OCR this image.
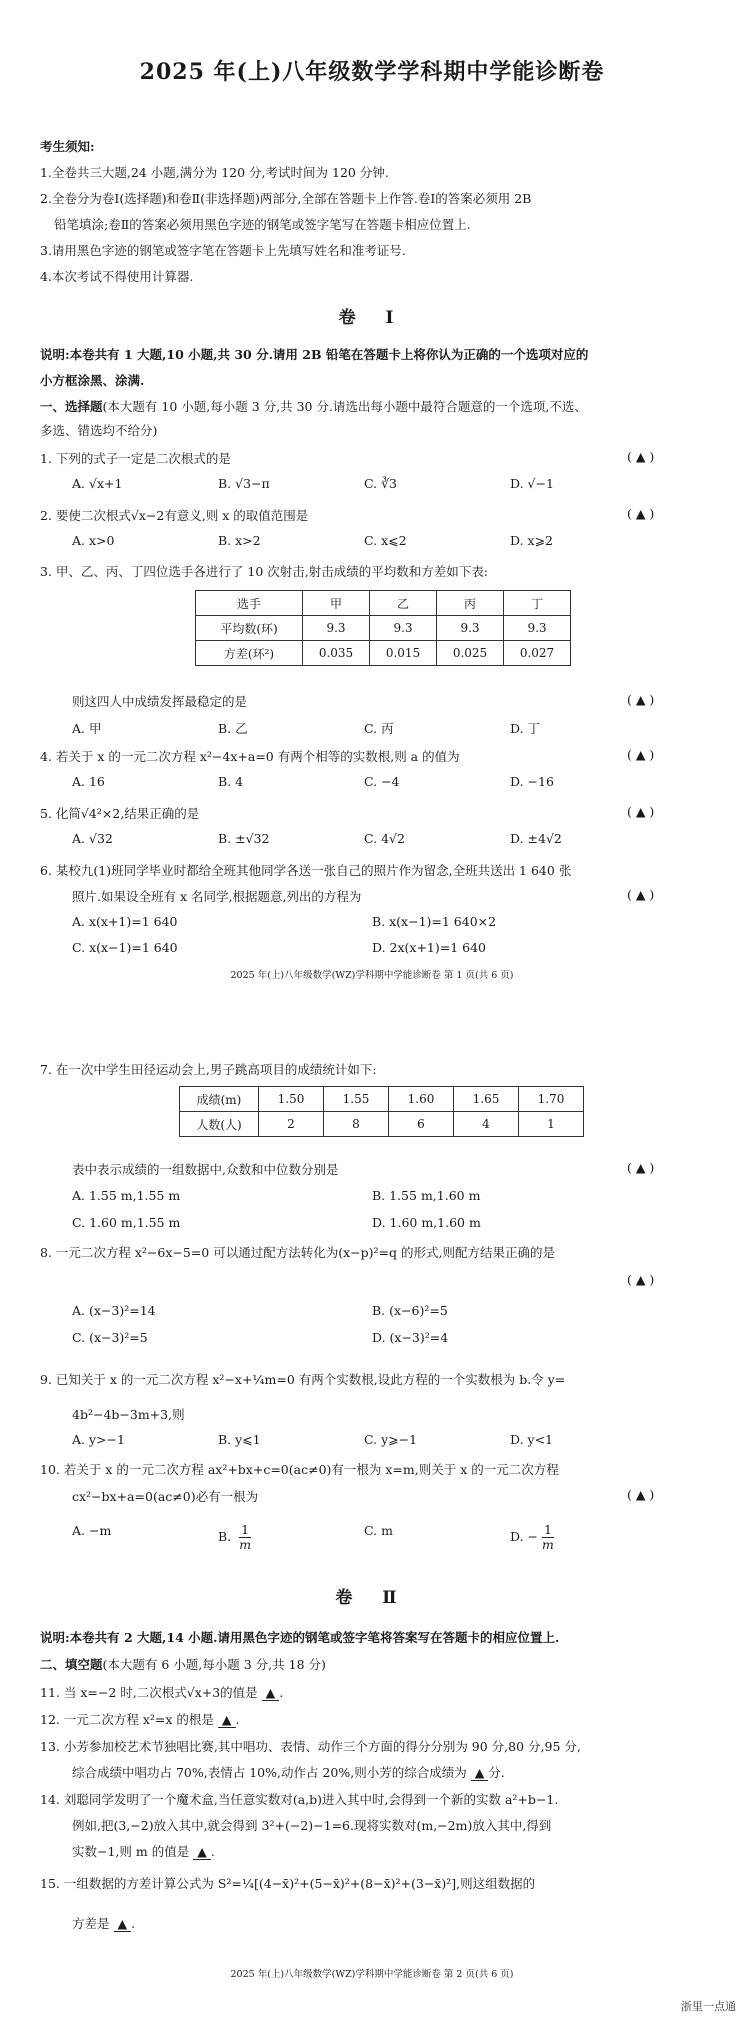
2025 年(上)八年级数学学科期中学能诊断卷
考生须知:
1.全卷共三大题,24 小题,满分为 120 分,考试时间为 120 分钟.
2.全卷分为卷Ⅰ(选择题)和卷Ⅱ(非选择题)两部分,全部在答题卡上作答.卷Ⅰ的答案必须用 2B
铅笔填涂;卷Ⅱ的答案必须用黑色字迹的钢笔或签字笔写在答题卡相应位置上.
3.请用黑色字迹的钢笔或签字笔在答题卡上先填写姓名和准考证号.
4.本次考试不得使用计算器.
卷 Ⅰ
说明:本卷共有 1 大题,10 小题,共 30 分.请用 2B 铅笔在答题卡上将你认为正确的一个选项对应的
小方框涂黑、涂满.
一、选择题(本大题有 10 小题,每小题 3 分,共 30 分.请选出每小题中最符合题意的一个选项,不选、
多选、错选均不给分)
1. 下列的式子一定是二次根式的是	( ▲ )
A. √x+1	B. √3−π	C. ∛3	D. √−1
2. 要使二次根式√x−2有意义,则 x 的取值范围是	( ▲ )
A. x>0	B. x>2	C. x⩽2	D. x⩾2
3. 甲、乙、丙、丁四位选手各进行了 10 次射击,射击成绩的平均数和方差如下表:
选手	甲	乙	丙	丁
平均数(环)	9.3	9.3	9.3	9.3
方差(环²)	0.035	0.015	0.025	0.027
则这四人中成绩发挥最稳定的是	( ▲ )
A. 甲	B. 乙	C. 丙	D. 丁
4. 若关于 x 的一元二次方程 x²−4x+a=0 有两个相等的实数根,则 a 的值为	( ▲ )
A. 16	B. 4	C. −4	D. −16
5. 化简√4²×2,结果正确的是	( ▲ )
A. √32	B. ±√32	C. 4√2	D. ±4√2
6. 某校九(1)班同学毕业时都给全班其他同学各送一张自己的照片作为留念,全班共送出 1 640 张
照片.如果设全班有 x 名同学,根据题意,列出的方程为	( ▲ )
A. x(x+1)=1 640	B. x(x−1)=1 640×2
C. x(x−1)=1 640	D. 2x(x+1)=1 640
2025 年(上)八年级数学(WZ)学科期中学能诊断卷 第 1 页(共 6 页)
7. 在一次中学生田径运动会上,男子跳高项目的成绩统计如下:
成绩(m)	1.50	1.55	1.60	1.65	1.70
人数(人)	2	8	6	4	1
表中表示成绩的一组数据中,众数和中位数分别是	( ▲ )
A. 1.55 m,1.55 m	B. 1.55 m,1.60 m
C. 1.60 m,1.55 m	D. 1.60 m,1.60 m
8. 一元二次方程 x²−6x−5=0 可以通过配方法转化为(x−p)²=q 的形式,则配方结果正确的是
( ▲ )
A. (x−3)²=14	B. (x−6)²=5
C. (x−3)²=5	D. (x−3)²=4
9. 已知关于 x 的一元二次方程 x²−x+¼m=0 有两个实数根,设此方程的一个实数根为 b.令 y=
4b²−4b−3m+3,则
A. y>−1	B. y⩽1	C. y⩾−1	D. y<1
10. 若关于 x 的一元二次方程 ax²+bx+c=0(ac≠0)有一根为 x=m,则关于 x 的一元二次方程
cx²−bx+a=0(ac≠0)必有一根为	( ▲ )
A. −m	B. $\frac{1}{m}$	C. m	D. − $\frac{1}{m}$
卷 Ⅱ
说明:本卷共有 2 大题,14 小题.请用黑色字迹的钢笔或签字笔将答案写在答题卡的相应位置上.
二、填空题(本大题有 6 小题,每小题 3 分,共 18 分)
11. 当 x=−2 时,二次根式√x+3的值是 ▲ .
12. 一元二次方程 x²=x 的根是 ▲ .
13. 小芳参加校艺术节独唱比赛,其中唱功、表情、动作三个方面的得分分别为 90 分,80 分,95 分,
综合成绩中唱功占 70%,表情占 10%,动作占 20%,则小芳的综合成绩为 ▲ 分.
14. 刘聪同学发明了一个魔术盒,当任意实数对(a,b)进入其中时,会得到一个新的实数 a²+b−1.
例如,把(3,−2)放入其中,就会得到 3²+(−2)−1=6.现将实数对(m,−2m)放入其中,得到
实数−1,则 m 的值是 ▲ .
15. 一组数据的方差计算公式为 S²=¼[(4−x̄)²+(5−x̄)²+(8−x̄)²+(3−x̄)²],则这组数据的
方差是 ▲ .
2025 年(上)八年级数学(WZ)学科期中学能诊断卷 第 2 页(共 6 页)
浙里一点通
